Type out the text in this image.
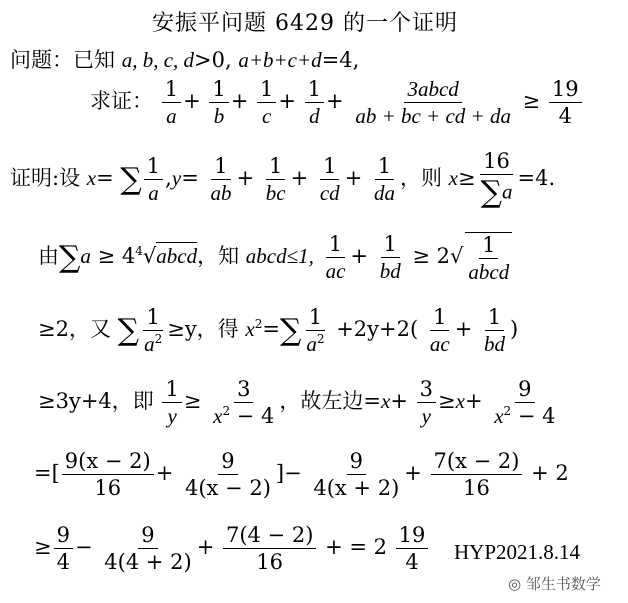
安振平问题 6429 的一个证明
问题：已知 a, b, c, d>0, a+b+c+d=4,
求证： $\frac{1}{a} + \frac{1}{b} + \frac{1}{c} + \frac{1}{d} + \frac{\text{3abcd}}{ab + bc + cd + da} \ge \frac{19}{4}$
证明:设 x= ∑ $\frac{1}{a} ,y= \frac{1}{ab} + \frac{1}{bc} + \frac{1}{cd} + \frac{1}{da}$ ，则 $x\ge \frac{16}{\sum a} =4$.
由$\sum a \ge 4^4√abcd$，知 abcd≤1, $\frac{1}{ac} + \frac{1}{bd} \ge 2√ \frac{1}{\text{abcd}}$
≥2，又 ∑ $\frac{1}{a^2} \ge y$，得 $x^2=\sum \frac{1}{a^2} +2y+2( \frac{1}{ac} + \frac{1}{bd}$ )
≥3y+4，即 $\frac{1}{y} \ge \frac{3}{x^2 - 4}$ ，故左边$=x+ \frac{3}{y} \ge x+ \frac{9}{x^2 - 4}$
=[ $\frac{9(x - 2)}{16} + \frac{9}{4(x - 2)}$ ]− $\frac{9}{4(x + 2)} + \frac{7(x - 2)}{16} + 2$
≥ $\frac{9}{4} - \frac{9}{4(4 + 2)} + \frac{7(4 - 2)}{16}$ + = $2 \frac{19}{4} HYP2021.8.14$
◎ 邹生书数学
